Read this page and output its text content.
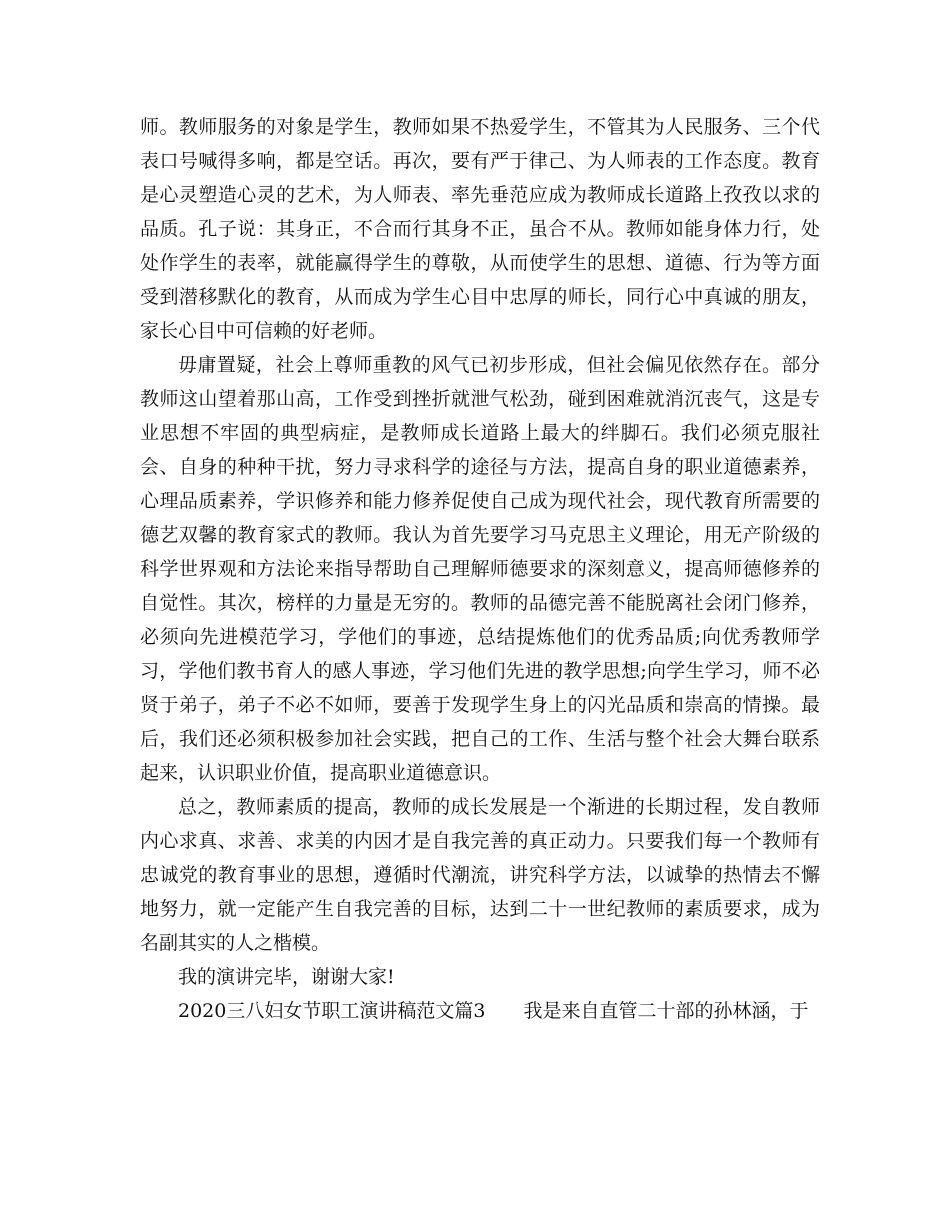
师。教师服务的对象是学生，教师如果不热爱学生，不管其为人民服务、三个代表口号喊得多响，都是空话。再次，要有严于律己、为人师表的工作态度。教育是心灵塑造心灵的艺术，为人师表、率先垂范应成为教师成长道路上孜孜以求的品质。孔子说：其身正，不合而行其身不正，虽合不从。教师如能身体力行，处处作学生的表率，就能赢得学生的尊敬，从而使学生的思想、道德、行为等方面受到潜移默化的教育，从而成为学生心目中忠厚的师长，同行心中真诚的朋友，家长心目中可信赖的好老师。

毋庸置疑，社会上尊师重教的风气已初步形成，但社会偏见依然存在。部分教师这山望着那山高，工作受到挫折就泄气松劲，碰到困难就消沉丧气，这是专业思想不牢固的典型病症，是教师成长道路上最大的绊脚石。我们必须克服社会、自身的种种干扰，努力寻求科学的途径与方法，提高自身的职业道德素养，心理品质素养，学识修养和能力修养促使自己成为现代社会，现代教育所需要的德艺双馨的教育家式的教师。我认为首先要学习马克思主义理论，用无产阶级的科学世界观和方法论来指导帮助自己理解师德要求的深刻意义，提高师德修养的自觉性。其次，榜样的力量是无穷的。教师的品德完善不能脱离社会闭门修养，必须向先进模范学习，学他们的事迹，总结提炼他们的优秀品质;向优秀教师学习，学他们教书育人的感人事迹，学习他们先进的教学思想;向学生学习，师不必贤于弟子，弟子不必不如师，要善于发现学生身上的闪光品质和崇高的情操。最后，我们还必须积极参加社会实践，把自己的工作、生活与整个社会大舞台联系起来，认识职业价值，提高职业道德意识。

总之，教师素质的提高，教师的成长发展是一个渐进的长期过程，发自教师内心求真、求善、求美的内因才是自我完善的真正动力。只要我们每一个教师有忠诚党的教育事业的思想，遵循时代潮流，讲究科学方法，以诚挚的热情去不懈地努力，就一定能产生自我完善的目标，达到二十一世纪教师的素质要求，成为名副其实的人之楷模。

我的演讲完毕，谢谢大家!

2020三八妇女节职工演讲稿范文篇3 我是来自直管二十部的孙林涵，于
